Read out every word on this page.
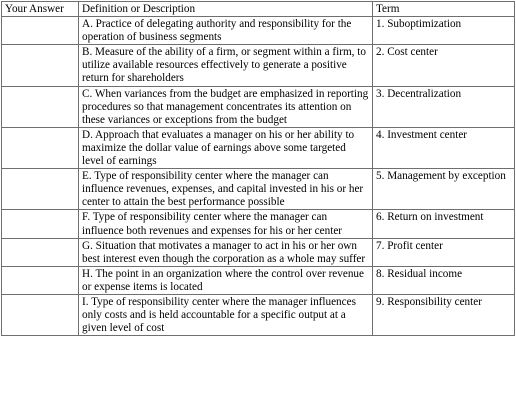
Your Answer	Definition or Description	Term

	A. Practice of delegating authority and responsibility for the operation of business segments	1. Suboptimization

	B. Measure of the ability of a firm, or segment within a firm, to utilize available resources effectively to generate a positive return for shareholders	2. Cost center

	C. When variances from the budget are emphasized in reporting procedures so that management concentrates its attention on these variances or exceptions from the budget	3. Decentralization

	D. Approach that evaluates a manager on his or her ability to maximize the dollar value of earnings above some targeted level of earnings	4. Investment center

	E. Type of responsibility center where the manager can influence revenues, expenses, and capital invested in his or her center to attain the best performance possible	5. Management by exception

	F. Type of responsibility center where the manager can influence both revenues and expenses for his or her center	6. Return on investment

	G. Situation that motivates a manager to act in his or her own best interest even though the corporation as a whole may suffer	7. Profit center

	H. The point in an organization where the control over revenue or expense items is located	8. Residual income

	I. Type of responsibility center where the manager influences only costs and is held accountable for a specific output at a given level of cost	9. Responsibility center
